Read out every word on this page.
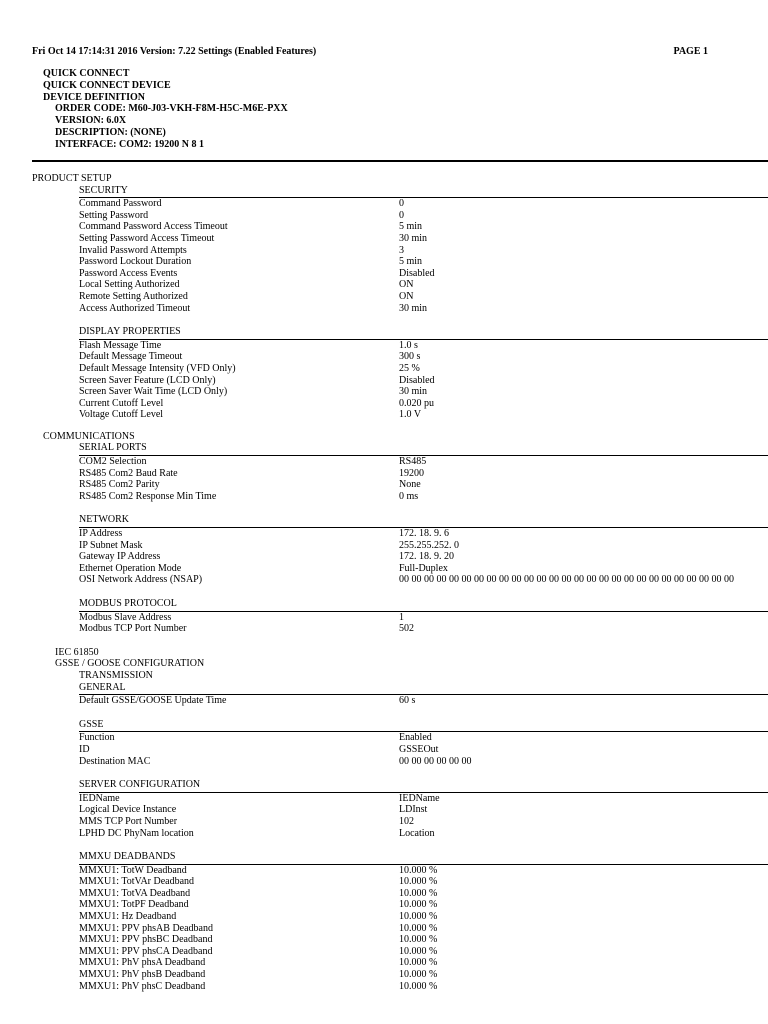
Fri Oct 14 17:14:31 2016 Version: 7.22 Settings (Enabled Features)	PAGE 1
QUICK CONNECT
QUICK CONNECT DEVICE
DEVICE DEFINITION
ORDER CODE: M60-J03-VKH-F8M-H5C-M6E-PXX
VERSION: 6.0X
DESCRIPTION: (NONE)
INTERFACE: COM2: 19200 N 8 1
PRODUCT SETUP
SECURITY
Command Password	0
Setting Password	0
Command Password Access Timeout	5 min
Setting Password Access Timeout	30 min
Invalid Password Attempts	3
Password Lockout Duration	5 min
Password Access Events	Disabled
Local Setting Authorized	ON
Remote Setting Authorized	ON
Access Authorized Timeout	30 min
DISPLAY PROPERTIES
Flash Message Time	1.0 s
Default Message Timeout	300 s
Default Message Intensity (VFD Only)	25 %
Screen Saver Feature (LCD Only)	Disabled
Screen Saver Wait Time (LCD Only)	30 min
Current Cutoff Level	0.020 pu
Voltage Cutoff Level	1.0 V
COMMUNICATIONS
SERIAL PORTS
COM2 Selection	RS485
RS485 Com2 Baud Rate	19200
RS485 Com2 Parity	None
RS485 Com2 Response Min Time	0 ms
NETWORK
IP Address	172. 18. 9. 6
IP Subnet Mask	255.255.252. 0
Gateway IP Address	172. 18. 9. 20
Ethernet Operation Mode	Full-Duplex
OSI Network Address (NSAP)	00 00 00 00 00 00 00 00 00 00 00 00 00 00 00 00 00 00 00 00 00 00 00 00 00 00 00
MODBUS PROTOCOL
Modbus Slave Address	1
Modbus TCP Port Number	502
IEC 61850
GSSE / GOOSE CONFIGURATION
TRANSMISSION
GENERAL
Default GSSE/GOOSE Update Time	60 s
GSSE
Function	Enabled
ID	GSSEOut
Destination MAC	00 00 00 00 00 00
SERVER CONFIGURATION
IEDName	IEDName
Logical Device Instance	LDInst
MMS TCP Port Number	102
LPHD DC PhyNam location	Location
MMXU DEADBANDS
MMXU1: TotW Deadband	10.000 %
MMXU1: TotVAr Deadband	10.000 %
MMXU1: TotVA Deadband	10.000 %
MMXU1: TotPF Deadband	10.000 %
MMXU1: Hz Deadband	10.000 %
MMXU1: PPV phsAB Deadband	10.000 %
MMXU1: PPV phsBC Deadband	10.000 %
MMXU1: PPV phsCA Deadband	10.000 %
MMXU1: PhV phsA Deadband	10.000 %
MMXU1: PhV phsB Deadband	10.000 %
MMXU1: PhV phsC Deadband	10.000 %
